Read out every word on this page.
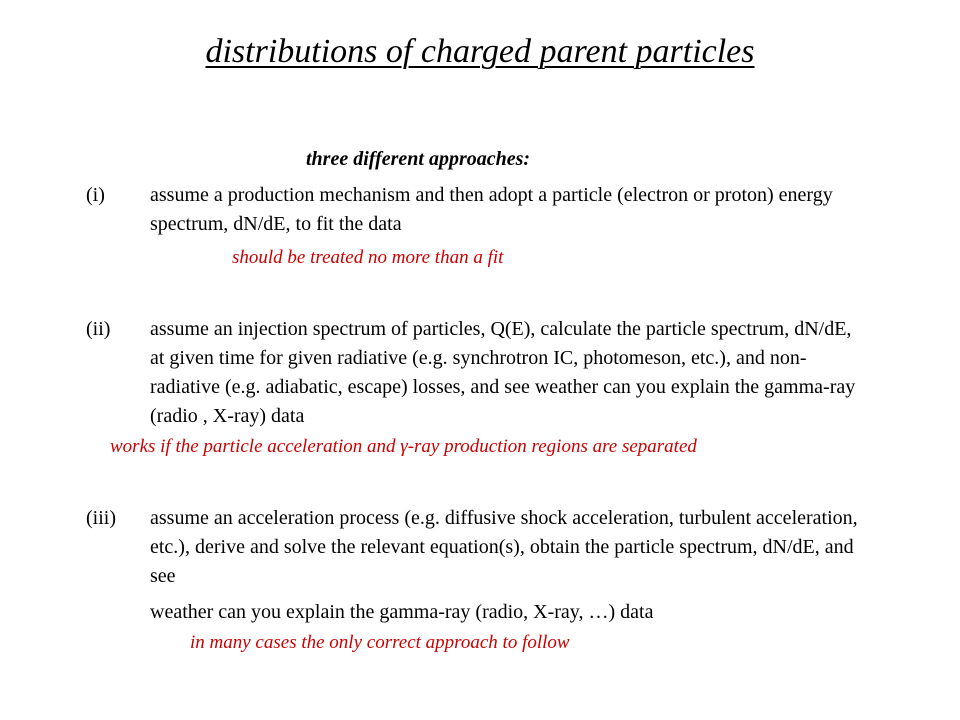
distributions of charged parent particles
three different approaches:
(i) assume a production mechanism and then adopt a particle (electron or proton) energy spectrum, dN/dE, to fit the data
should be treated no more than a fit
(ii) assume an injection spectrum of particles, Q(E), calculate the particle spectrum, dN/dE, at given time for given radiative (e.g. synchrotron IC, photomeson, etc.), and non-radiative (e.g. adiabatic, escape) losses, and see weather can you explain the gamma-ray (radio , X-ray) data
works if the particle acceleration and γ-ray production regions are separated
(iii) assume an acceleration process (e.g. diffusive shock acceleration, turbulent acceleration, etc.), derive and solve the relevant equation(s), obtain the particle spectrum, dN/dE, and see
weather can you explain the gamma-ray (radio, X-ray, …) data
in many cases the only correct approach to follow
